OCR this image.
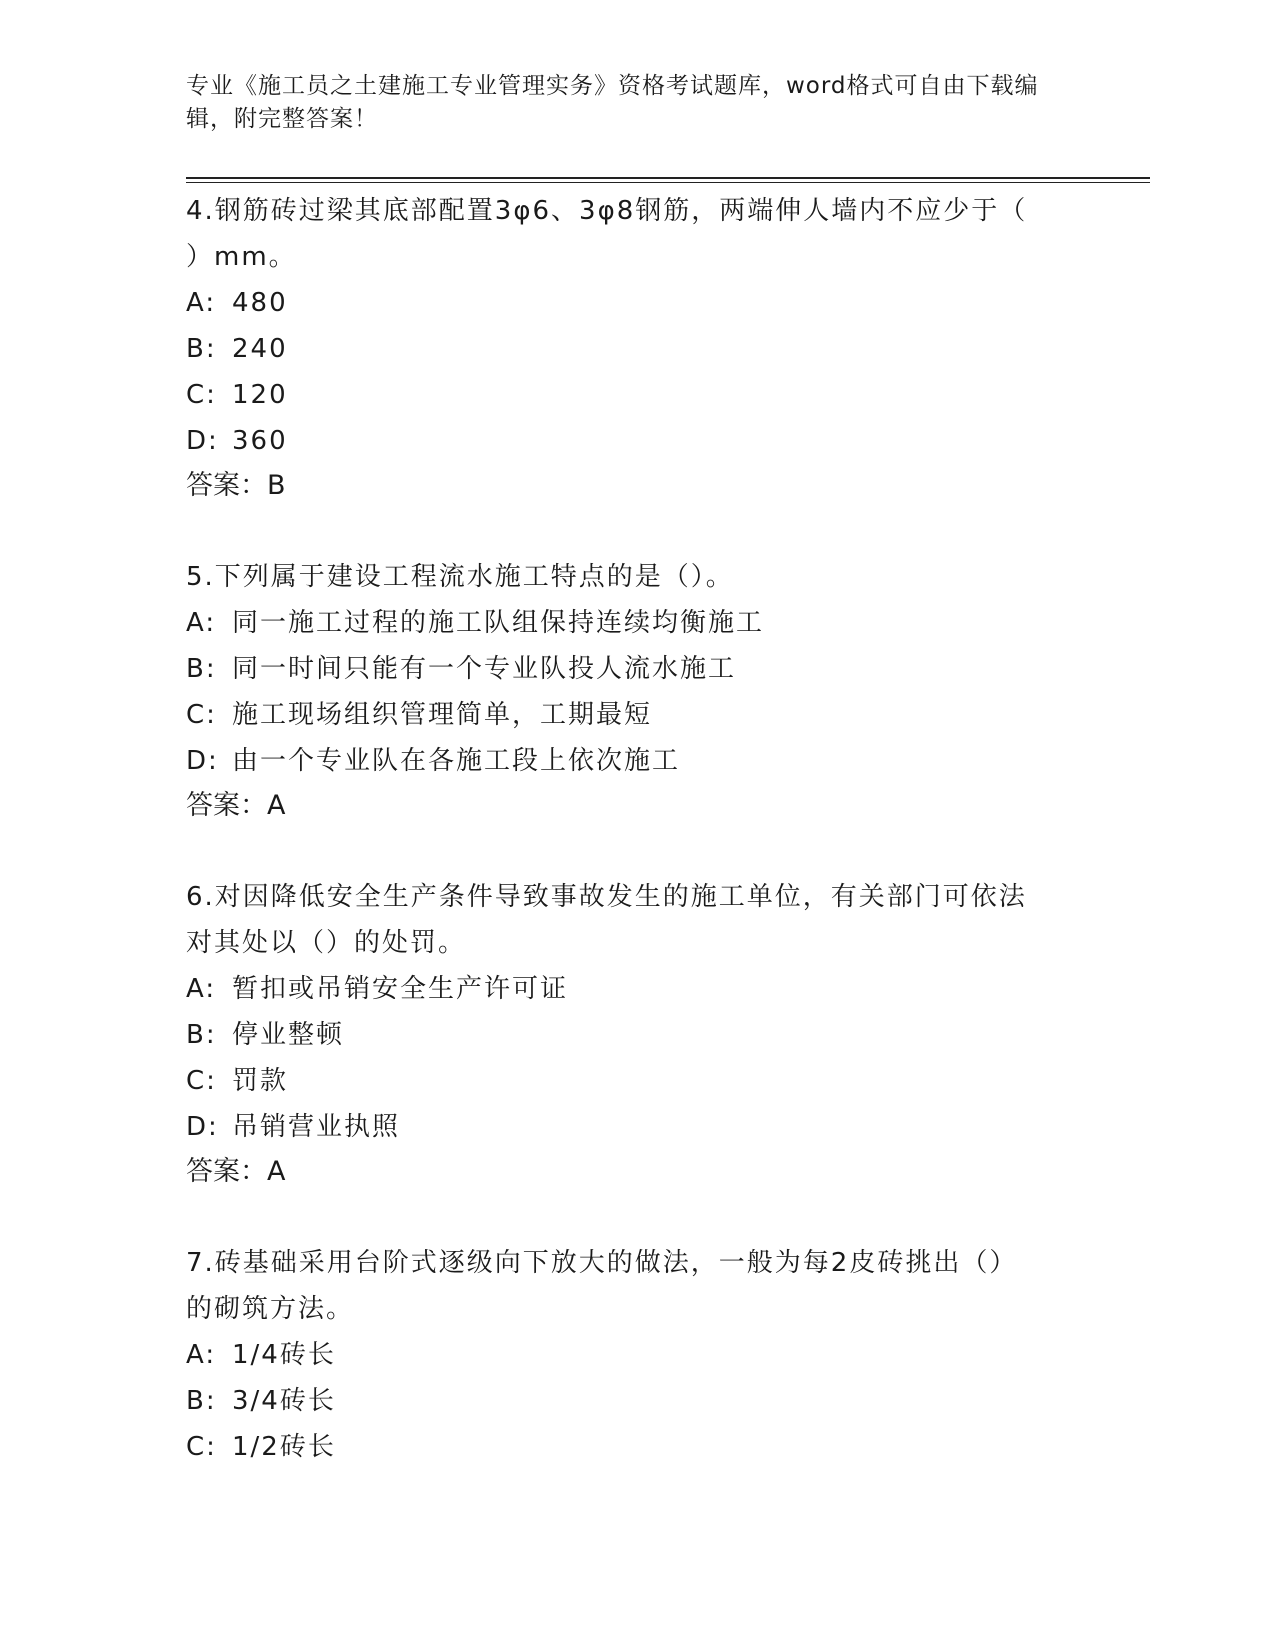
专业《施工员之土建施工专业管理实务》资格考试题库，word格式可自由下载编
辑，附完整答案！

4.钢筋砖过梁其底部配置3φ6、3φ8钢筋，两端伸人墙内不应少于（

）mm。

A: 480

B: 240

C: 120

D: 360

答案：B

5.下列属于建设工程流水施工特点的是（）。

A: 同一施工过程的施工队组保持连续均衡施工

B: 同一时间只能有一个专业队投人流水施工

C: 施工现场组织管理简单，工期最短

D: 由一个专业队在各施工段上依次施工

答案：A

6.对因降低安全生产条件导致事故发生的施工单位，有关部门可依法

对其处以（）的处罚。

A: 暂扣或吊销安全生产许可证

B: 停业整顿

C: 罚款

D: 吊销营业执照

答案：A

7.砖基础采用台阶式逐级向下放大的做法，一般为每2皮砖挑出（）

的砌筑方法。

A: 1/4砖长

B: 3/4砖长

C: 1/2砖长
